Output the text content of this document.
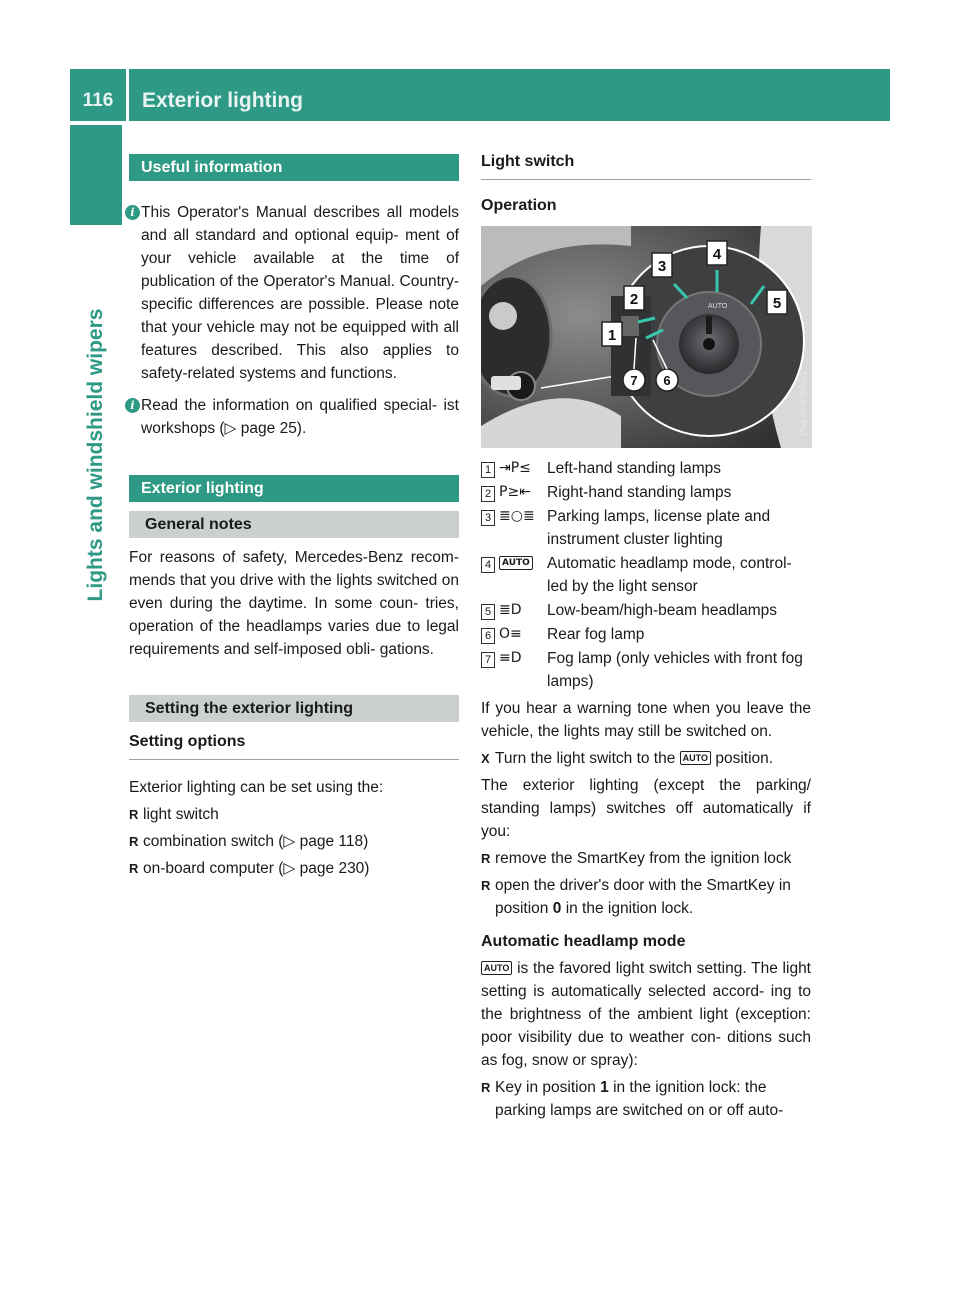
116	Exterior lighting
Lights and windshield wipers
Useful information
i This Operator's Manual describes all models and all standard and optional equip- ment of your vehicle available at the time of publication of the Operator's Manual. Country-specific differences are possible. Please note that your vehicle may not be equipped with all features described. This also applies to safety-related systems and functions.
i Read the information on qualified special- ist workshops (▷ page 25).
Exterior lighting
General notes
For reasons of safety, Mercedes-Benz recom- mends that you drive with the lights switched on even during the daytime. In some coun- tries, operation of the headlamps varies due to legal requirements and self-imposed obli- gations.
Setting the exterior lighting
Setting options
Exterior lighting can be set using the:
R light switch
R combination switch (▷ page 118)
R on-board computer (▷ page 230)
Light switch
Operation
AUTO
1
2
3
4
5
6
7	P54.25-9766-31
1 ⇥P≤	Left-hand standing lamps
2 P≥⇤	Right-hand standing lamps
3 ≣○≣ Parking lamps, license plate and instrument cluster lighting
4	AUTO	Automatic headlamp mode, control- led by the light sensor
5 ≣D	Low-beam/high-beam headlamps
6 O≡	Rear fog lamp
7 ≡D	Fog lamp (only vehicles with front fog lamps)
If you hear a warning tone when you leave the vehicle, the lights may still be switched on.
X Turn the light switch to the AUTO position.
The exterior lighting (except the parking/ standing lamps) switches off automatically if you:
R remove the SmartKey from the ignition lock
R open the driver's door with the SmartKey in position 0 in the ignition lock.
Automatic headlamp mode
AUTO is the favored light switch setting. The light setting is automatically selected accord- ing to the brightness of the ambient light (exception: poor visibility due to weather con- ditions such as fog, snow or spray):
R Key in position 1 in the ignition lock: the parking lamps are switched on or off auto-
